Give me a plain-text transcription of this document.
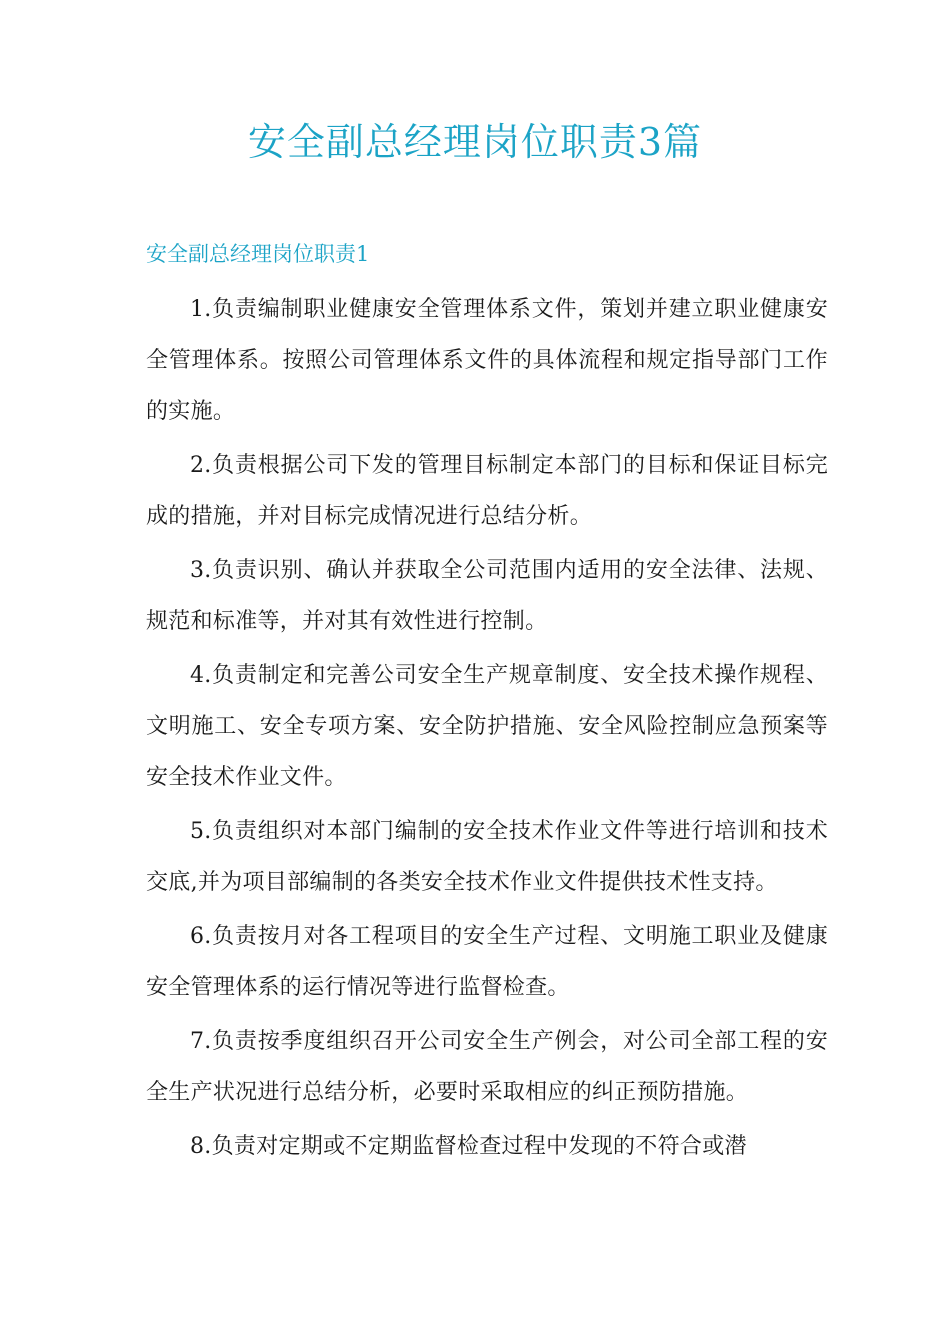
安全副总经理岗位职责3篇
安全副总经理岗位职责1

1.负责编制职业健康安全管理体系文件，策划并建立职业健康安全管理体系。按照公司管理体系文件的具体流程和规定指导部门工作的实施。

2.负责根据公司下发的管理目标制定本部门的目标和保证目标完成的措施，并对目标完成情况进行总结分析。

3.负责识别、确认并获取全公司范围内适用的安全法律、法规、规范和标准等，并对其有效性进行控制。

4.负责制定和完善公司安全生产规章制度、安全技术操作规程、文明施工、安全专项方案、安全防护措施、安全风险控制应急预案等安全技术作业文件。

5.负责组织对本部门编制的安全技术作业文件等进行培训和技术交底,并为项目部编制的各类安全技术作业文件提供技术性支持。

6.负责按月对各工程项目的安全生产过程、文明施工职业及健康安全管理体系的运行情况等进行监督检查。

7.负责按季度组织召开公司安全生产例会，对公司全部工程的安全生产状况进行总结分析，必要时采取相应的纠正预防措施。

8.负责对定期或不定期监督检查过程中发现的不符合或潜
